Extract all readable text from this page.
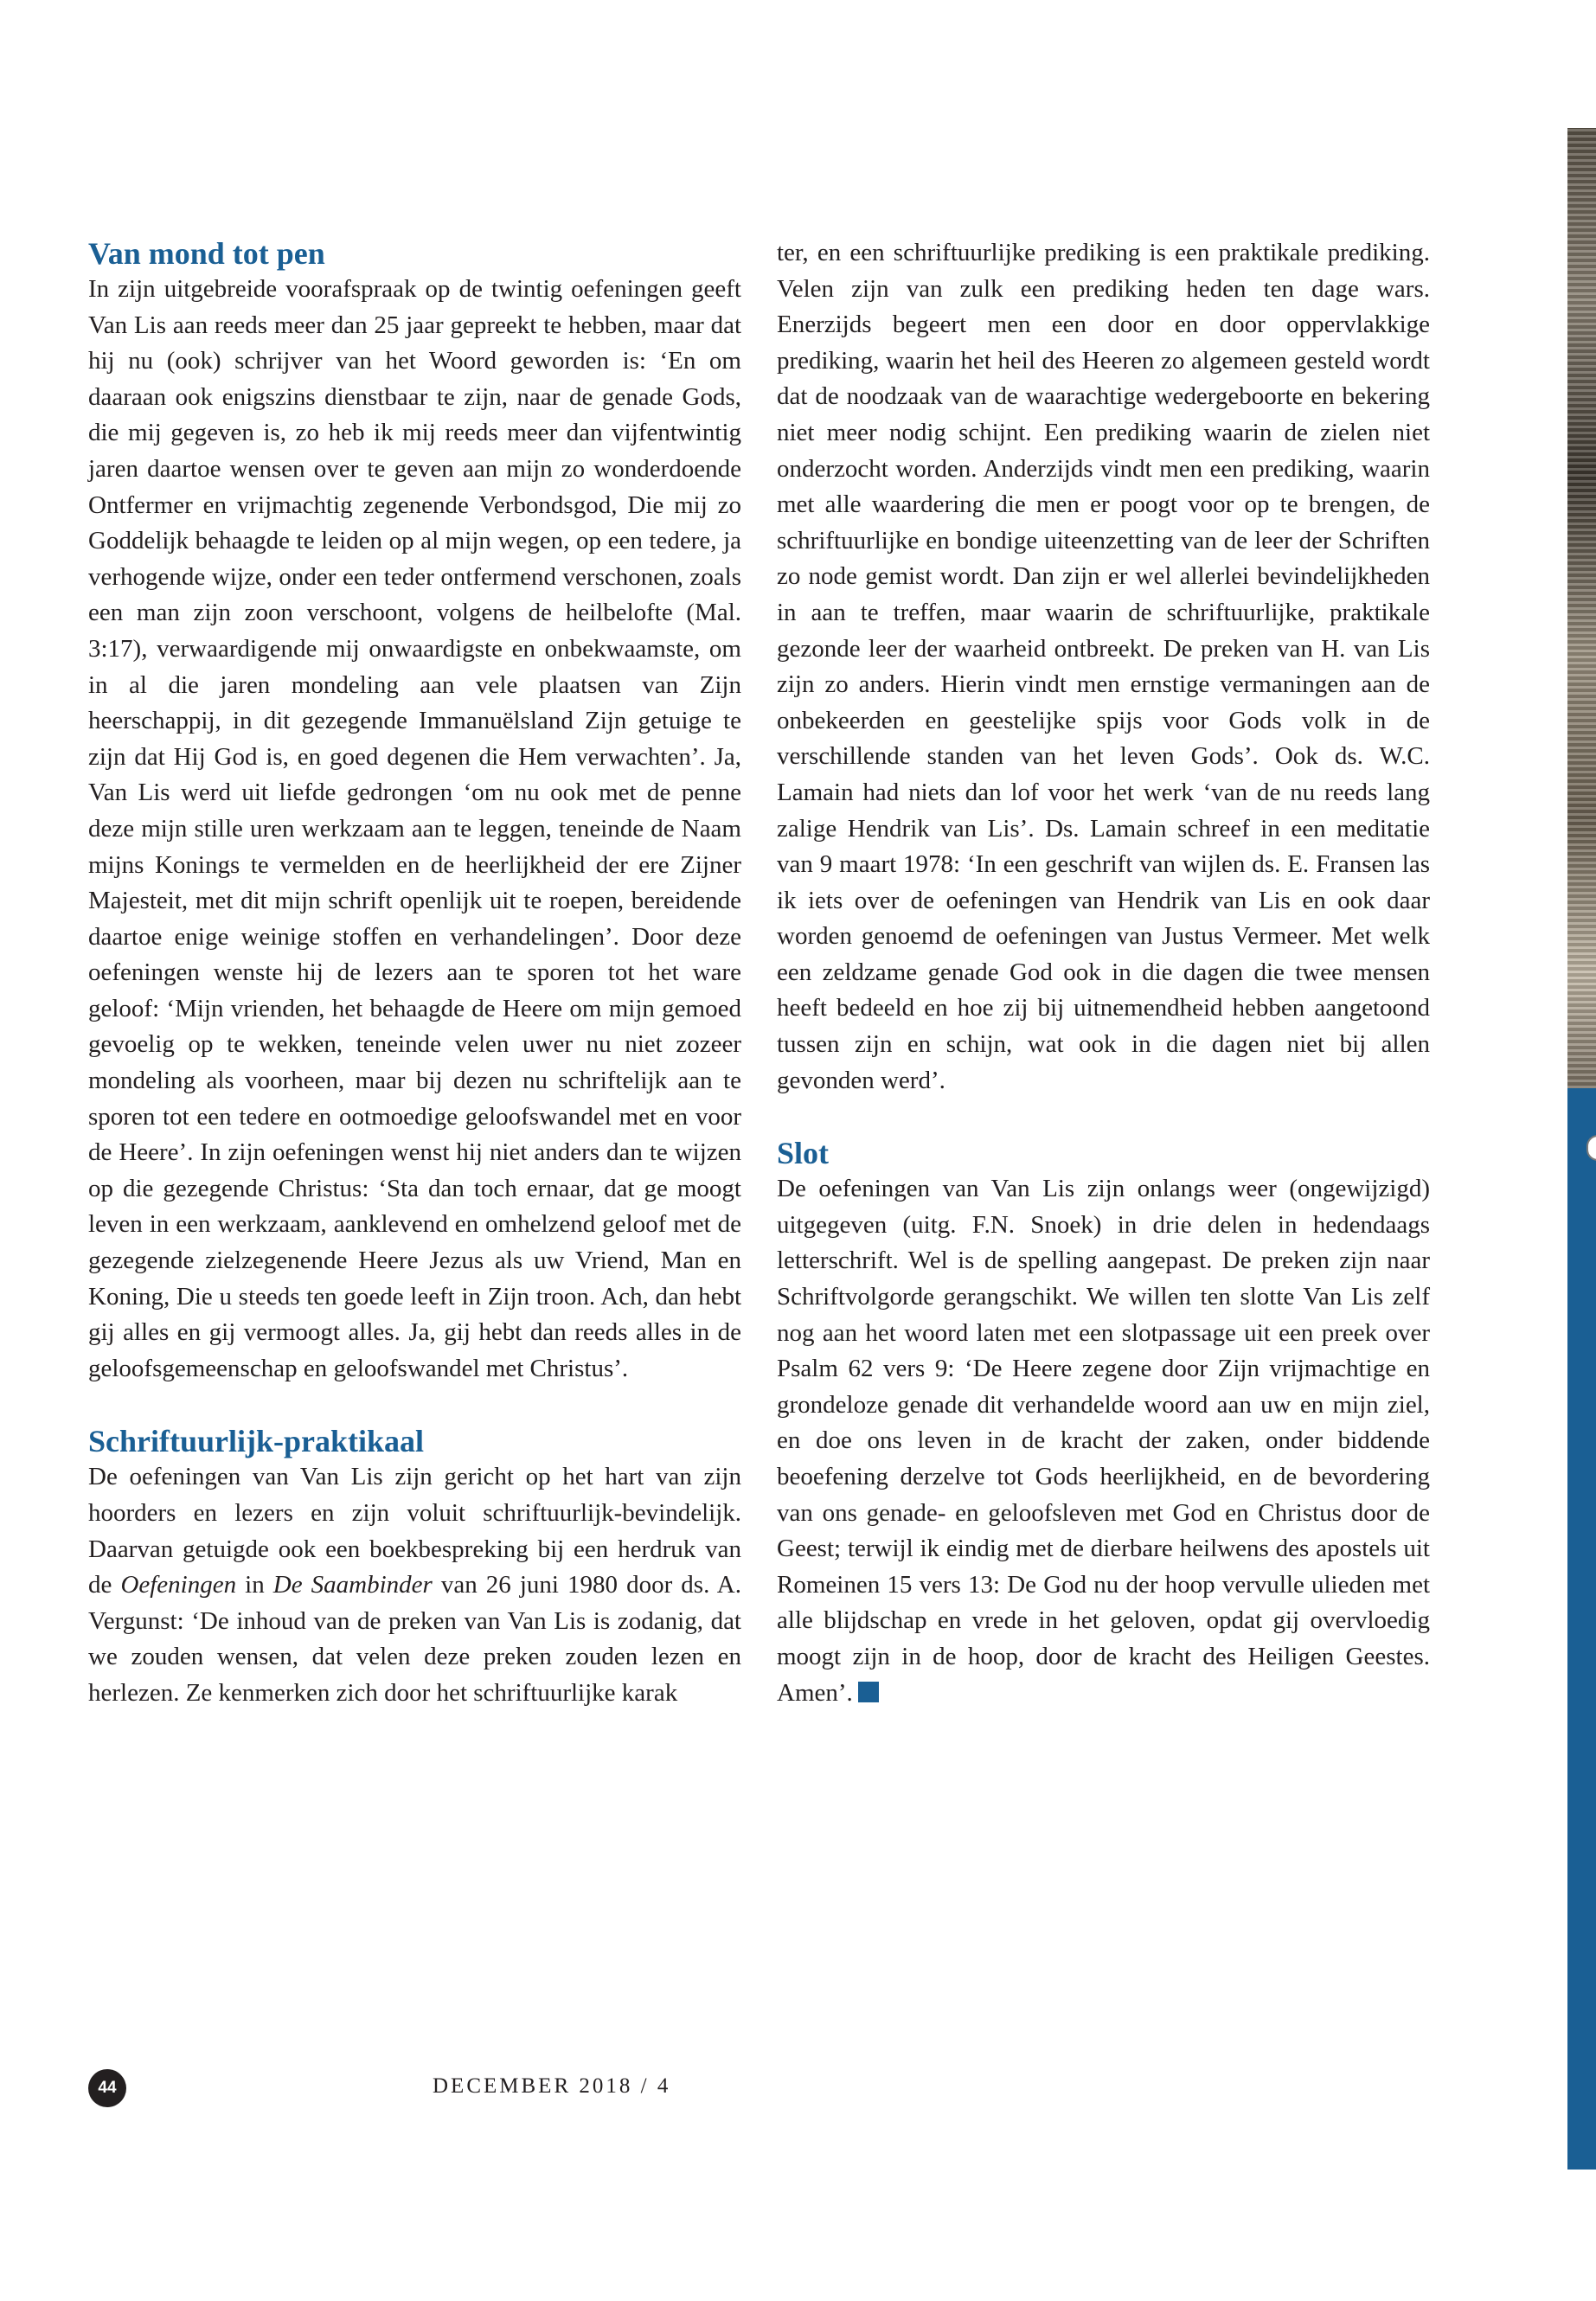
Van mond tot pen

In zijn uitgebreide voorafspraak op de twintig oefeningen geeft Van Lis aan reeds meer dan 25 jaar gepreekt te hebben, maar dat hij nu (ook) schrijver van het Woord geworden is: ‘En om daaraan ook enigszins dienstbaar te zijn, naar de genade Gods, die mij gegeven is, zo heb ik mij reeds meer dan vijfentwintig jaren daartoe wensen over te geven aan mijn zo wonderdoende Ontfermer en vrijmachtig zegenende Verbondsgod, Die mij zo Goddelijk behaagde te leiden op al mijn wegen, op een tedere, ja verhogende wijze, onder een teder ontfermend verschonen, zoals een man zijn zoon verschoont, volgens de heilbelofte (Mal. 3:17), verwaardigende mij onwaardigste en onbekwaamste, om in al die jaren mondeling aan vele plaatsen van Zijn heerschappij, in dit gezegende Immanuëlsland Zijn getuige te zijn dat Hij God is, en goed degenen die Hem verwachten’. Ja, Van Lis werd uit liefde gedrongen ‘om nu ook met de penne deze mijn stille uren werkzaam aan te leggen, teneinde de Naam mijns Konings te vermelden en de heerlijkheid der ere Zijner Majesteit, met dit mijn schrift openlijk uit te roepen, bereidende daartoe enige weinige stoffen en verhandelingen’. Door deze oefeningen wenste hij de lezers aan te sporen tot het ware geloof: ‘Mijn vrienden, het behaagde de Heere om mijn gemoed gevoelig op te wekken, teneinde velen uwer nu niet zozeer mondeling als voorheen, maar bij dezen nu schriftelijk aan te sporen tot een tedere en ootmoedige geloofswandel met en voor de Heere’. In zijn oefeningen wenst hij niet anders dan te wijzen op die gezegende Christus: ‘Sta dan toch ernaar, dat ge moogt leven in een werkzaam, aanklevend en omhelzend geloof met de gezegende zielzegenende Heere Jezus als uw Vriend, Man en Koning, Die u steeds ten goede leeft in Zijn troon. Ach, dan hebt gij alles en gij vermoogt alles. Ja, gij hebt dan reeds alles in de geloofsgemeenschap en geloofswandel met Christus’.

Schriftuurlijk-praktikaal

De oefeningen van Van Lis zijn gericht op het hart van zijn hoorders en lezers en zijn voluit schriftuurlijk-bevindelijk. Daarvan getuigde ook een boekbespreking bij een herdruk van de Oefeningen in De Saambinder van 26 juni 1980 door ds. A. Vergunst: ‘De inhoud van de preken van Van Lis is zodanig, dat we zouden wensen, dat velen deze preken zouden lezen en herlezen. Ze kenmerken zich door het schriftuurlijke karak

ter, en een schriftuurlijke prediking is een praktikale prediking. Velen zijn van zulk een prediking heden ten dage wars. Enerzijds begeert men een door en door oppervlakkige prediking, waarin het heil des Heeren zo algemeen gesteld wordt dat de noodzaak van de waarachtige wedergeboorte en bekering niet meer nodig schijnt. Een prediking waarin de zielen niet onderzocht worden. Anderzijds vindt men een prediking, waarin met alle waardering die men er poogt voor op te brengen, de schriftuurlijke en bondige uiteenzetting van de leer der Schriften zo node gemist wordt. Dan zijn er wel allerlei bevindelijkheden in aan te treffen, maar waarin de schriftuurlijke, praktikale gezonde leer der waarheid ontbreekt. De preken van H. van Lis zijn zo anders. Hierin vindt men ernstige vermaningen aan de onbekeerden en geestelijke spijs voor Gods volk in de verschillende standen van het leven Gods’. Ook ds. W.C. Lamain had niets dan lof voor het werk ‘van de nu reeds lang zalige Hendrik van Lis’. Ds. Lamain schreef in een meditatie van 9 maart 1978: ‘In een geschrift van wijlen ds. E. Fransen las ik iets over de oefeningen van Hendrik van Lis en ook daar worden genoemd de oefeningen van Justus Vermeer. Met welk een zeldzame genade God ook in die dagen die twee mensen heeft bedeeld en hoe zij bij uitnemendheid hebben aangetoond tussen zijn en schijn, wat ook in die dagen niet bij allen gevonden werd’.

Slot

De oefeningen van Van Lis zijn onlangs weer (ongewijzigd) uitgegeven (uitg. F.N. Snoek) in drie delen in hedendaags letterschrift. Wel is de spelling aangepast. De preken zijn naar Schriftvolgorde gerangschikt. We willen ten slotte Van Lis zelf nog aan het woord laten met een slotpassage uit een preek over Psalm 62 vers 9: ‘De Heere zegene door Zijn vrijmachtige en grondeloze genade dit verhandelde woord aan uw en mijn ziel, en doe ons leven in de kracht der zaken, onder biddende beoefening derzelve tot Gods heerlijkheid, en de bevordering van ons genade- en geloofsleven met God en Christus door de Geest; terwijl ik eindig met de dierbare heilwens des apostels uit Romeinen 15 vers 13: De God nu der hoop vervulle ulieden met alle blijdschap en vrede in het geloven, opdat gij overvloedig moogt zijn in de hoop, door de kracht des Heiligen Geestes. Amen’.

44	DECEMBER 2018 / 4
